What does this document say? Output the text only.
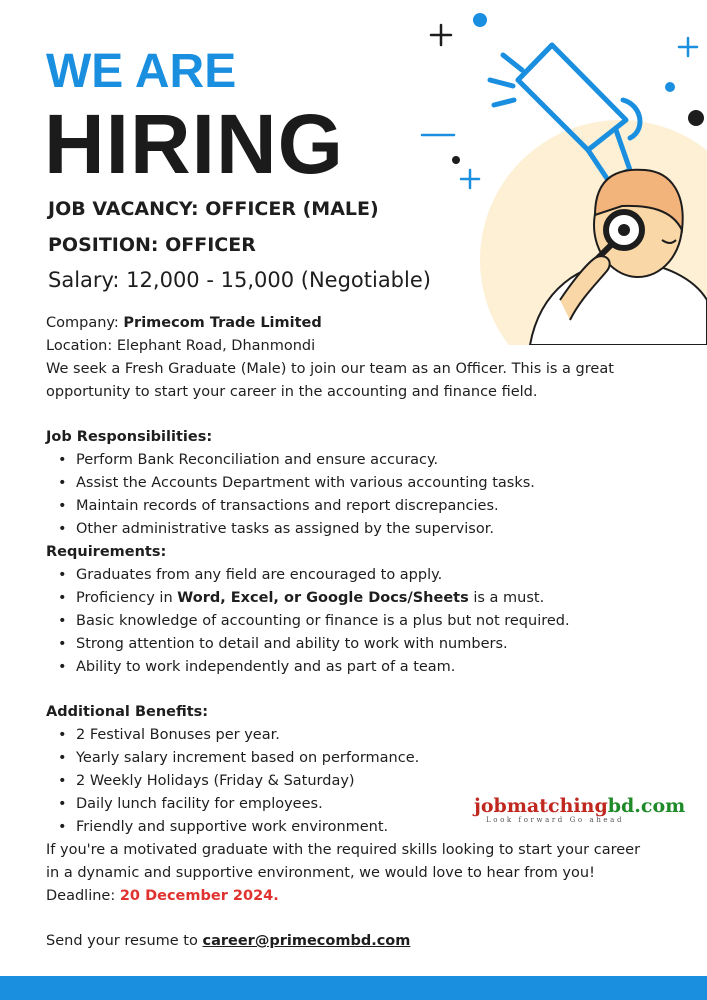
WE ARE
HIRING
JOB VACANCY: OFFICER (MALE)
POSITION: OFFICER
Salary: 12,000 - 15,000 (Negotiable)

Company: Primecom Trade Limited

Location: Elephant Road, Dhanmondi

We seek a Fresh Graduate (Male) to join our team as an Officer. This is a great opportunity to start your career in the accounting and finance field.

Job Responsibilities:

• Perform Bank Reconciliation and ensure accuracy.
• Assist the Accounts Department with various accounting tasks.
• Maintain records of transactions and report discrepancies.
• Other administrative tasks as assigned by the supervisor.

Requirements:

• Graduates from any field are encouraged to apply.
• Proficiency in Word, Excel, or Google Docs/Sheets is a must.
• Basic knowledge of accounting or finance is a plus but not required.
• Strong attention to detail and ability to work with numbers.
• Ability to work independently and as part of a team.

Additional Benefits:

• 2 Festival Bonuses per year.
• Yearly salary increment based on performance.
• 2 Weekly Holidays (Friday & Saturday)
• Daily lunch facility for employees.
• Friendly and supportive work environment.

If you're a motivated graduate with the required skills looking to start your career in a dynamic and supportive environment, we would love to hear from you! Deadline: 20 December 2024.

Send your resume to career@primecombd.com

jobmatchingbd.com
Look forward Go ahead
